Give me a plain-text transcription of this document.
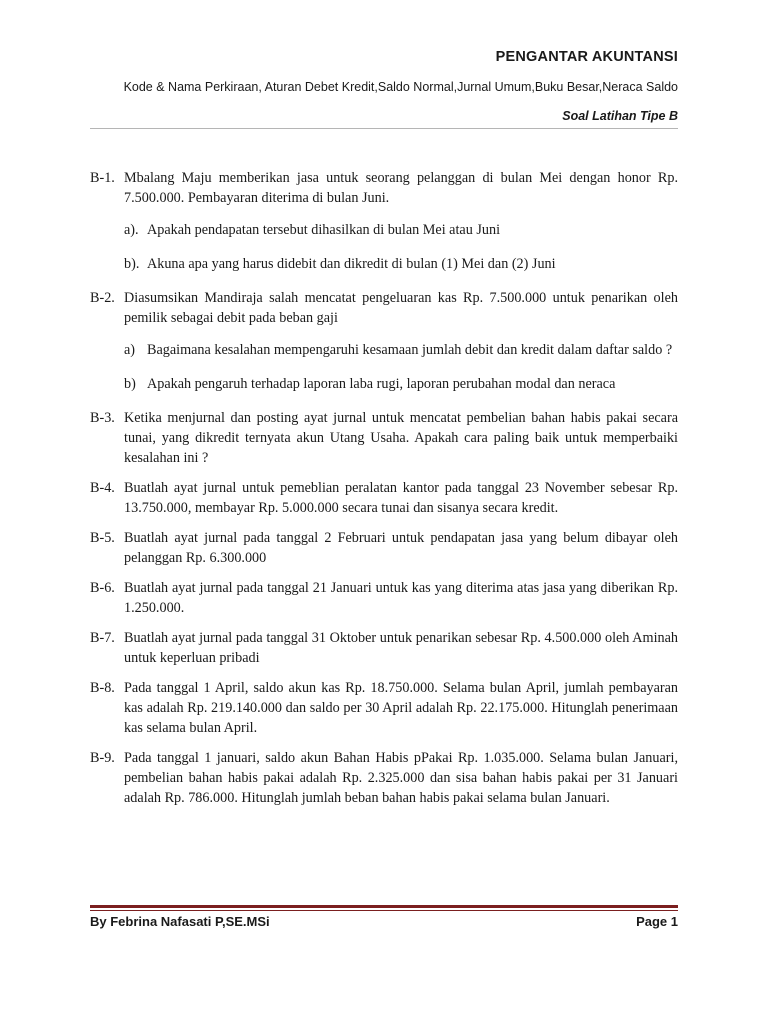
PENGANTAR AKUNTANSI
Kode & Nama Perkiraan, Aturan Debet Kredit,Saldo Normal,Jurnal Umum,Buku Besar,Neraca Saldo
Soal Latihan Tipe B
B-1. Mbalang Maju memberikan jasa untuk seorang pelanggan di bulan Mei dengan honor Rp. 7.500.000. Pembayaran diterima di bulan Juni.
a). Apakah pendapatan tersebut dihasilkan di bulan Mei atau Juni
b). Akuna apa yang harus didebit dan dikredit di bulan (1) Mei dan (2) Juni
B-2. Diasumsikan Mandiraja salah mencatat pengeluaran kas Rp. 7.500.000 untuk penarikan oleh pemilik sebagai debit pada beban gaji
a) Bagaimana kesalahan mempengaruhi kesamaan jumlah debit dan kredit dalam daftar saldo ?
b) Apakah pengaruh terhadap laporan laba rugi, laporan perubahan modal dan neraca
B-3. Ketika menjurnal dan posting ayat jurnal untuk mencatat pembelian bahan habis pakai secara tunai, yang dikredit ternyata akun Utang Usaha. Apakah cara paling baik untuk memperbaiki kesalahan ini ?
B-4. Buatlah ayat jurnal untuk pemeblian peralatan kantor pada tanggal 23 November sebesar Rp. 13.750.000, membayar Rp. 5.000.000 secara tunai dan sisanya secara kredit.
B-5. Buatlah ayat jurnal pada tanggal 2 Februari untuk pendapatan jasa yang belum dibayar oleh pelanggan Rp. 6.300.000
B-6. Buatlah ayat jurnal pada tanggal 21 Januari untuk kas yang diterima atas jasa yang diberikan Rp. 1.250.000.
B-7. Buatlah ayat jurnal pada tanggal 31 Oktober untuk penarikan sebesar Rp. 4.500.000 oleh Aminah untuk keperluan pribadi
B-8. Pada tanggal 1 April, saldo akun kas Rp. 18.750.000. Selama bulan April, jumlah pembayaran kas adalah Rp. 219.140.000 dan saldo per 30 April adalah Rp. 22.175.000. Hitunglah penerimaan kas selama bulan April.
B-9. Pada tanggal 1 januari, saldo akun Bahan Habis pPakai Rp. 1.035.000. Selama bulan Januari, pembelian bahan habis pakai adalah Rp. 2.325.000 dan sisa bahan habis pakai per 31 Januari adalah Rp. 786.000. Hitunglah jumlah beban bahan habis pakai selama bulan Januari.
By Febrina Nafasati P,SE.MSi	Page 1
